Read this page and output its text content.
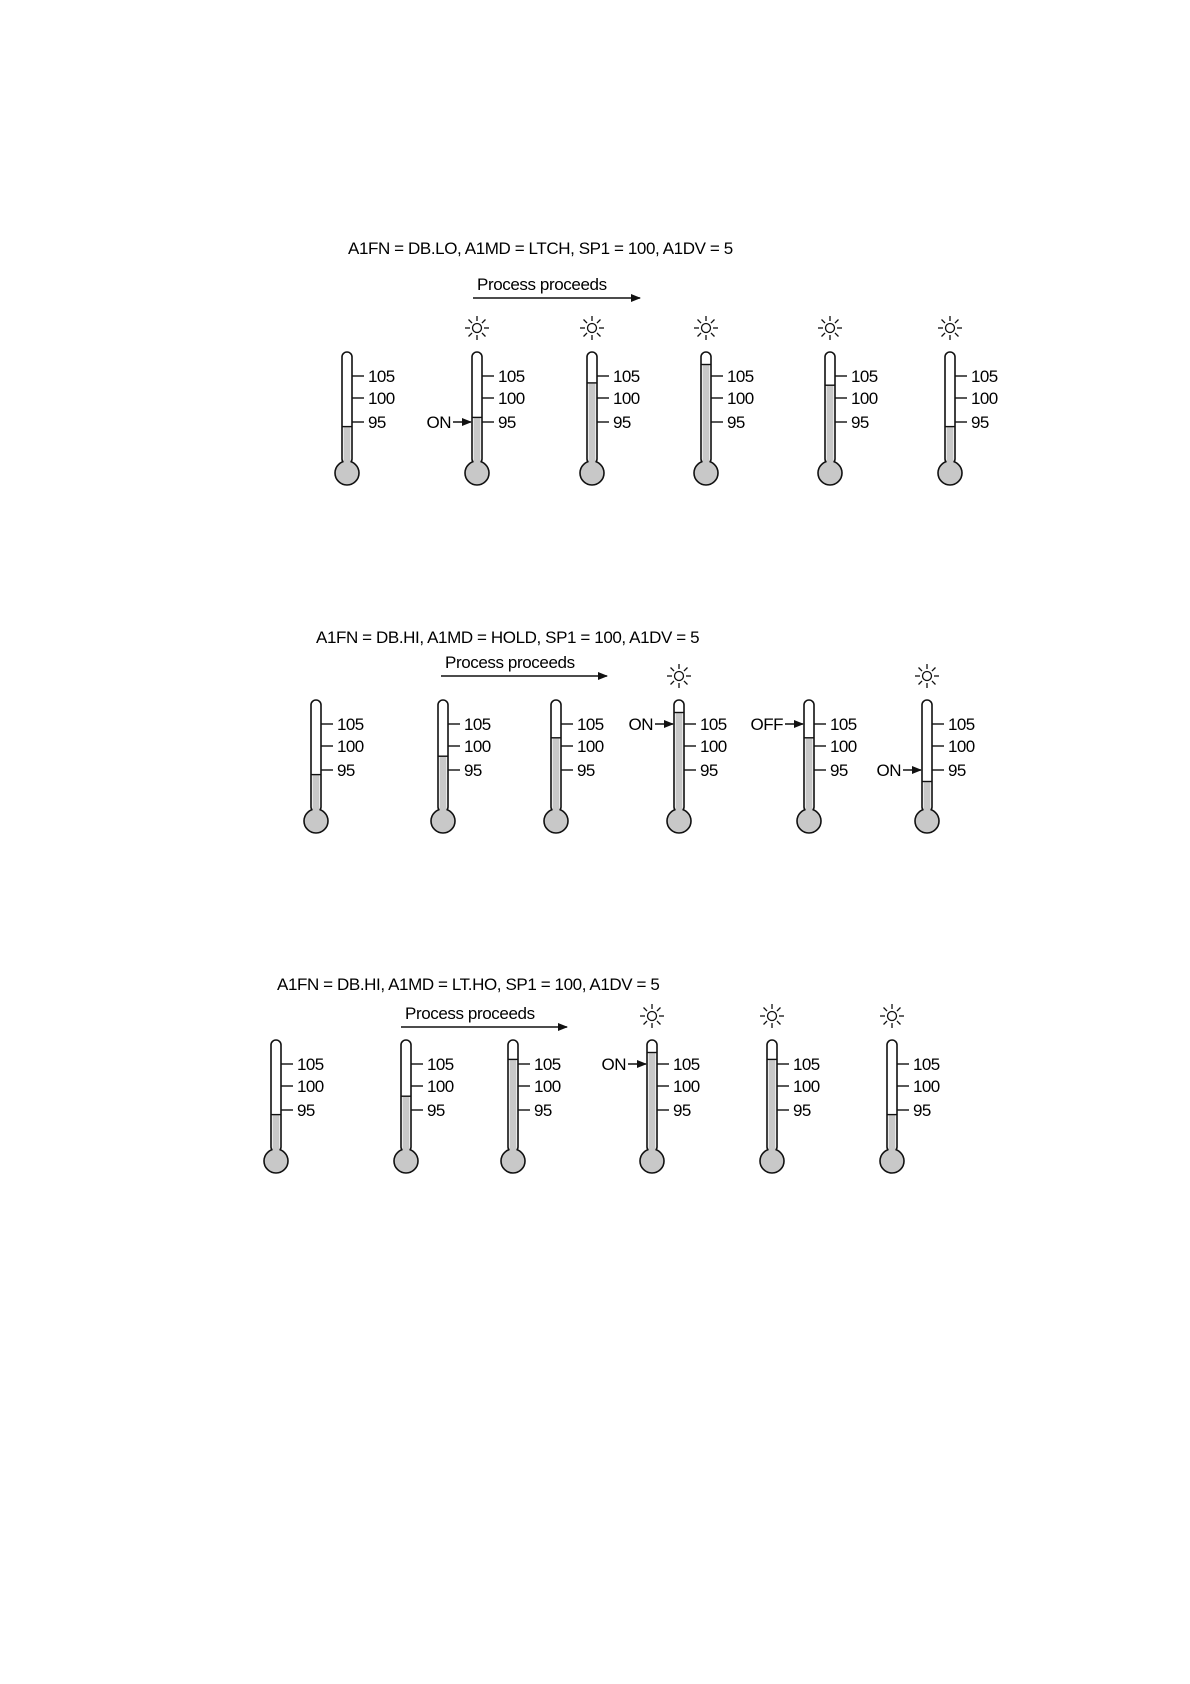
A1FN = DB.LO, A1MD = LTCH, SP1 = 100, A1DV = 5
Process proceeds
105
100
95
105
100
95
ON
105
100
95
105
100
95
105
100
95
105
100
95
A1FN = DB.HI, A1MD = HOLD, SP1 = 100, A1DV = 5
Process proceeds
105
100
95
105
100
95
105
100
95
105
100
95
ON	105
100
95
OFF	105
100
95
ON
A1FN = DB.HI, A1MD = LT.HO, SP1 = 100, A1DV = 5
Process proceeds
105
100
95
105
100
95
105
100
95
105
100
95
ON	105
100
95
105
100
95
